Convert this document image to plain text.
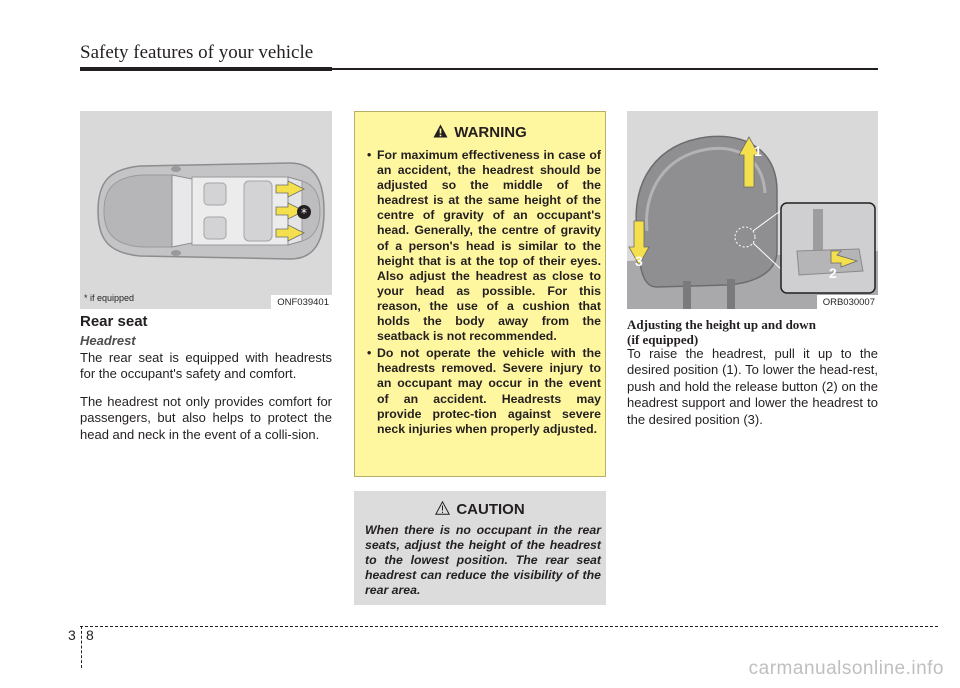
Safety features of your vehicle
*
* if equipped	ONF039401
Rear seat
Headrest
The rear seat is equipped with headrests for the occupant's safety and comfort.
The headrest not only provides comfort for passengers, but also helps to protect the head and neck in the event of a colli-sion.
WARNING
• For maximum effectiveness in case of an accident, the headrest should be adjusted so the middle of the headrest is at the same height of the centre of gravity of an occupant's head. Generally, the centre of gravity of a person's head is similar to the height that is at the top of their eyes. Also adjust the headrest as close to your head as possible. For this reason, the use of a cushion that holds the body away from the seatback is not recommended.
• Do not operate the vehicle with the headrests removed. Severe injury to an occupant may occur in the event of an accident. Headrests may provide protec-tion against severe neck injuries when properly adjusted.
CAUTION
When there is no occupant in the rear seats, adjust the height of the headrest to the lowest position. The rear seat headrest can reduce the visibility of the rear area.
1
2
3
ORB030007
Adjusting the height up and down
(if equipped)
To raise the headrest, pull it up to the desired position (1). To lower the head-rest, push and hold the release button (2) on the headrest support and lower the headrest to the desired position (3).
3 8
carmanualsonline.info
